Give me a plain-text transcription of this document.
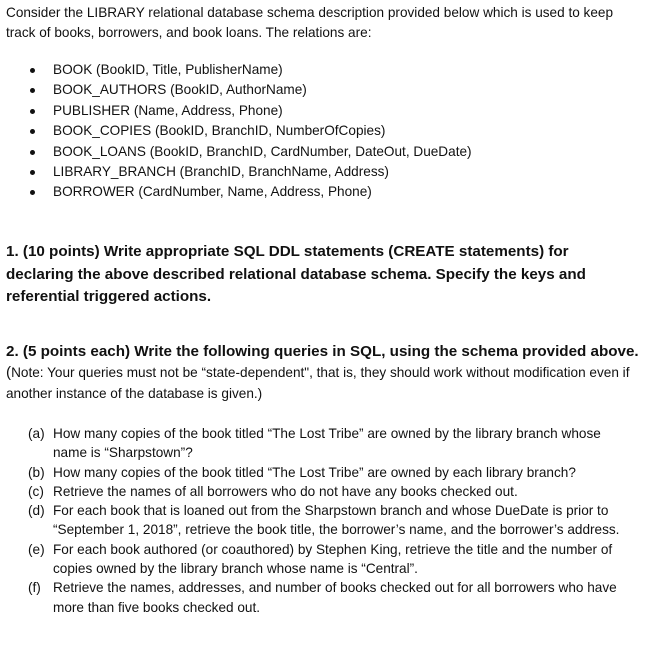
Consider the LIBRARY relational database schema description provided below which is used to keep track of books, borrowers, and book loans. The relations are:
BOOK (BookID, Title, PublisherName)
BOOK_AUTHORS (BookID, AuthorName)
PUBLISHER (Name, Address, Phone)
BOOK_COPIES (BookID, BranchID, NumberOfCopies)
BOOK_LOANS (BookID, BranchID, CardNumber, DateOut, DueDate)
LIBRARY_BRANCH (BranchID, BranchName, Address)
BORROWER (CardNumber, Name, Address, Phone)
1. (10 points) Write appropriate SQL DDL statements (CREATE statements) for declaring the above described relational database schema. Specify the keys and referential triggered actions.
2. (5 points each) Write the following queries in SQL, using the schema provided above. (Note: Your queries must not be “state-dependent", that is, they should work without modification even if another instance of the database is given.)
(a) How many copies of the book titled “The Lost Tribe” are owned by the library branch whose name is “Sharpstown”?
(b) How many copies of the book titled “The Lost Tribe” are owned by each library branch?
(c) Retrieve the names of all borrowers who do not have any books checked out.
(d) For each book that is loaned out from the Sharpstown branch and whose DueDate is prior to “September 1, 2018”, retrieve the book title, the borrower’s name, and the borrower’s address.
(e) For each book authored (or coauthored) by Stephen King, retrieve the title and the number of copies owned by the library branch whose name is “Central”.
(f) Retrieve the names, addresses, and number of books checked out for all borrowers who have more than five books checked out.
